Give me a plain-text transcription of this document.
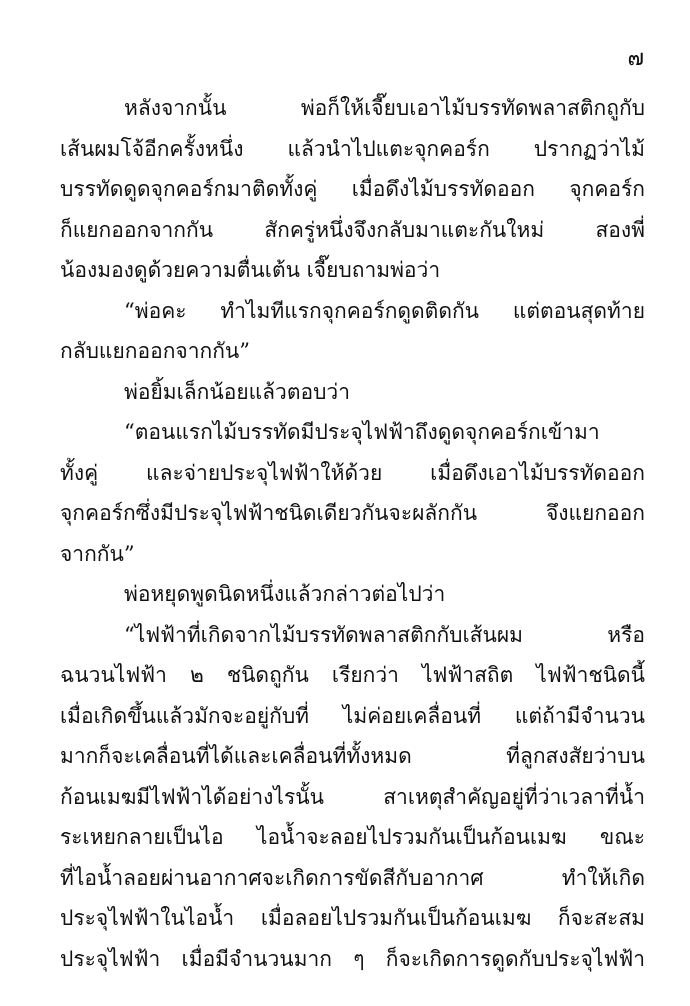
๗
หลังจากนั้น พ่อก็ให้เจี๊ยบเอาไม้บรรทัดพลาสติกถูกับ
เส้นผมโจ้อีกครั้งหนึ่ง แล้วนำไปแตะจุกคอร์ก ปรากฏว่าไม้
บรรทัดดูดจุกคอร์กมาติดทั้งคู่ เมื่อดึงไม้บรรทัดออก จุกคอร์ก
ก็แยกออกจากกัน สักครู่หนึ่งจึงกลับมาแตะกันใหม่ สองพี่
น้องมองดูด้วยความตื่นเต้น เจี๊ยบถามพ่อว่า
“พ่อคะ ทำไมทีแรกจุกคอร์กดูดติดกัน แต่ตอนสุดท้าย
กลับแยกออกจากกัน”
พ่อยิ้มเล็กน้อยแล้วตอบว่า
“ตอนแรกไม้บรรทัดมีประจุไฟฟ้าถึงดูดจุกคอร์กเข้ามา
ทั้งคู่ และจ่ายประจุไฟฟ้าให้ด้วย เมื่อดึงเอาไม้บรรทัดออก
จุกคอร์กซึ่งมีประจุไฟฟ้าชนิดเดียวกันจะผลักกัน จึงแยกออก
จากกัน”
พ่อหยุดพูดนิดหนึ่งแล้วกล่าวต่อไปว่า
“ไฟฟ้าที่เกิดจากไม้บรรทัดพลาสติกกับเส้นผม หรือ
ฉนวนไฟฟ้า ๒ ชนิดถูกัน เรียกว่า ไฟฟ้าสถิต ไฟฟ้าชนิดนี้
เมื่อเกิดขึ้นแล้วมักจะอยู่กับที่ ไม่ค่อยเคลื่อนที่ แต่ถ้ามีจำนวน
มากก็จะเคลื่อนที่ได้และเคลื่อนที่ทั้งหมด ที่ลูกสงสัยว่าบน
ก้อนเมฆมีไฟฟ้าได้อย่างไรนั้น สาเหตุสำคัญอยู่ที่ว่าเวลาที่น้ำ
ระเหยกลายเป็นไอ ไอน้ำจะลอยไปรวมกันเป็นก้อนเมฆ ขณะ
ที่ไอน้ำลอยผ่านอากาศจะเกิดการขัดสีกับอากาศ ทำให้เกิด
ประจุไฟฟ้าในไอน้ำ เมื่อลอยไปรวมกันเป็นก้อนเมฆ ก็จะสะสม
ประจุไฟฟ้า เมื่อมีจำนวนมาก ๆ ก็จะเกิดการดูดกับประจุไฟฟ้า
